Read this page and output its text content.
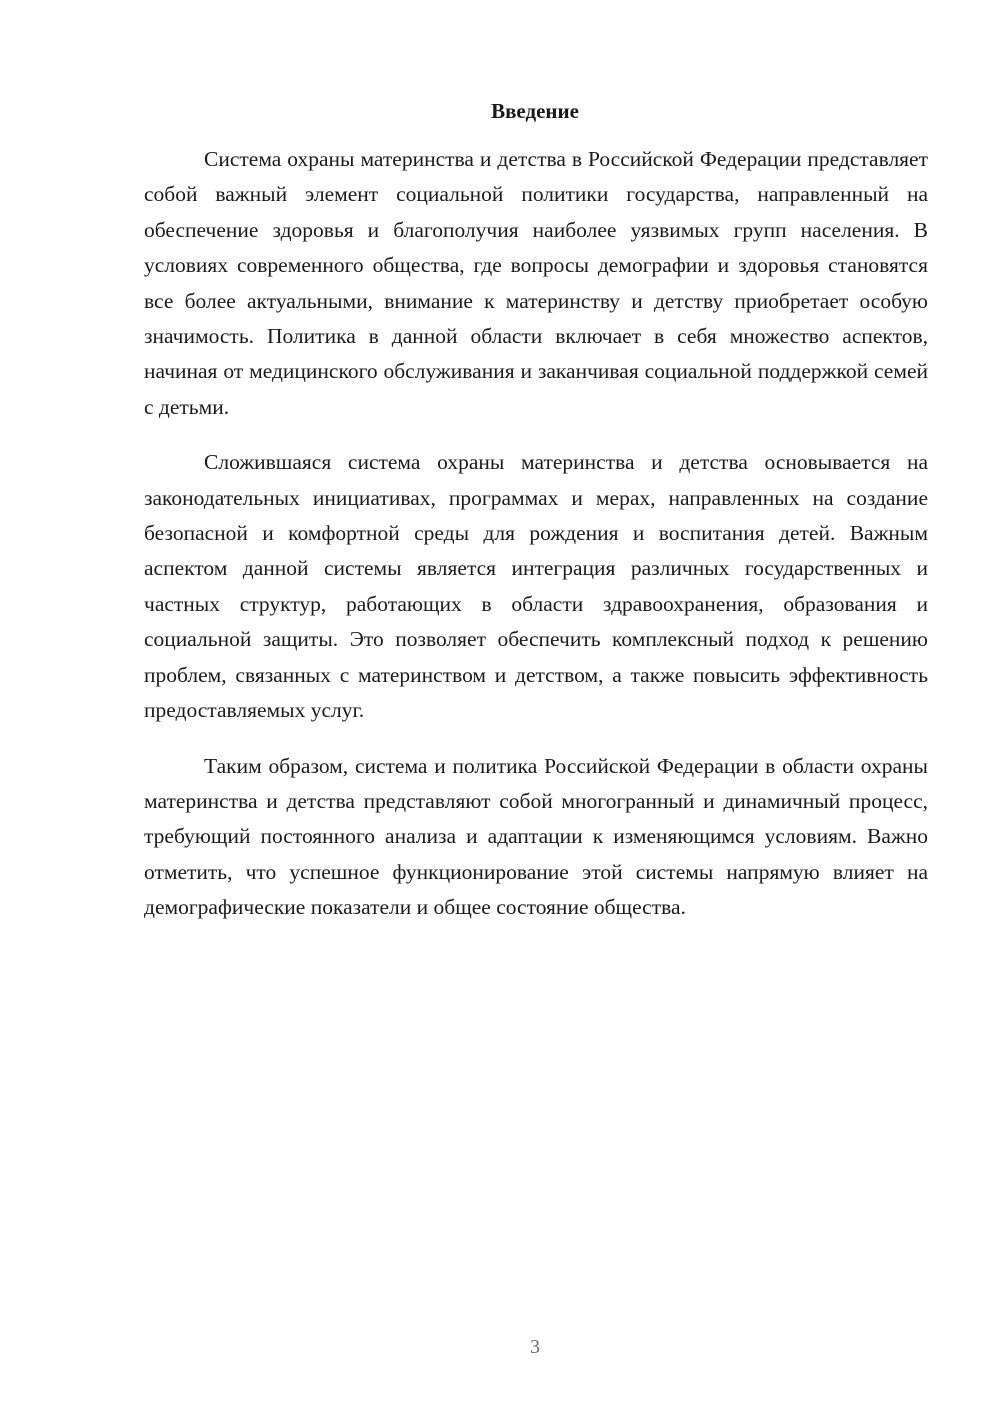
Введение

Система охраны материнства и детства в Российской Федерации представляет собой важный элемент социальной политики государства, направленный на обеспечение здоровья и благополучия наиболее уязвимых групп населения. В условиях современного общества, где вопросы демографии и здоровья становятся все более актуальными, внимание к материнству и детству приобретает особую значимость. Политика в данной области включает в себя множество аспектов, начиная от медицинского обслуживания и заканчивая социальной поддержкой семей с детьми.

Сложившаяся система охраны материнства и детства основывается на законодательных инициативах, программах и мерах, направленных на создание безопасной и комфортной среды для рождения и воспитания детей. Важным аспектом данной системы является интеграция различных государственных и частных структур, работающих в области здравоохранения, образования и социальной защиты. Это позволяет обеспечить комплексный подход к решению проблем, связанных с материнством и детством, а также повысить эффективность предоставляемых услуг.

Таким образом, система и политика Российской Федерации в области охраны материнства и детства представляют собой многогранный и динамичный процесс, требующий постоянного анализа и адаптации к изменяющимся условиям. Важно отметить, что успешное функционирование этой системы напрямую влияет на демографические показатели и общее состояние общества.

3
